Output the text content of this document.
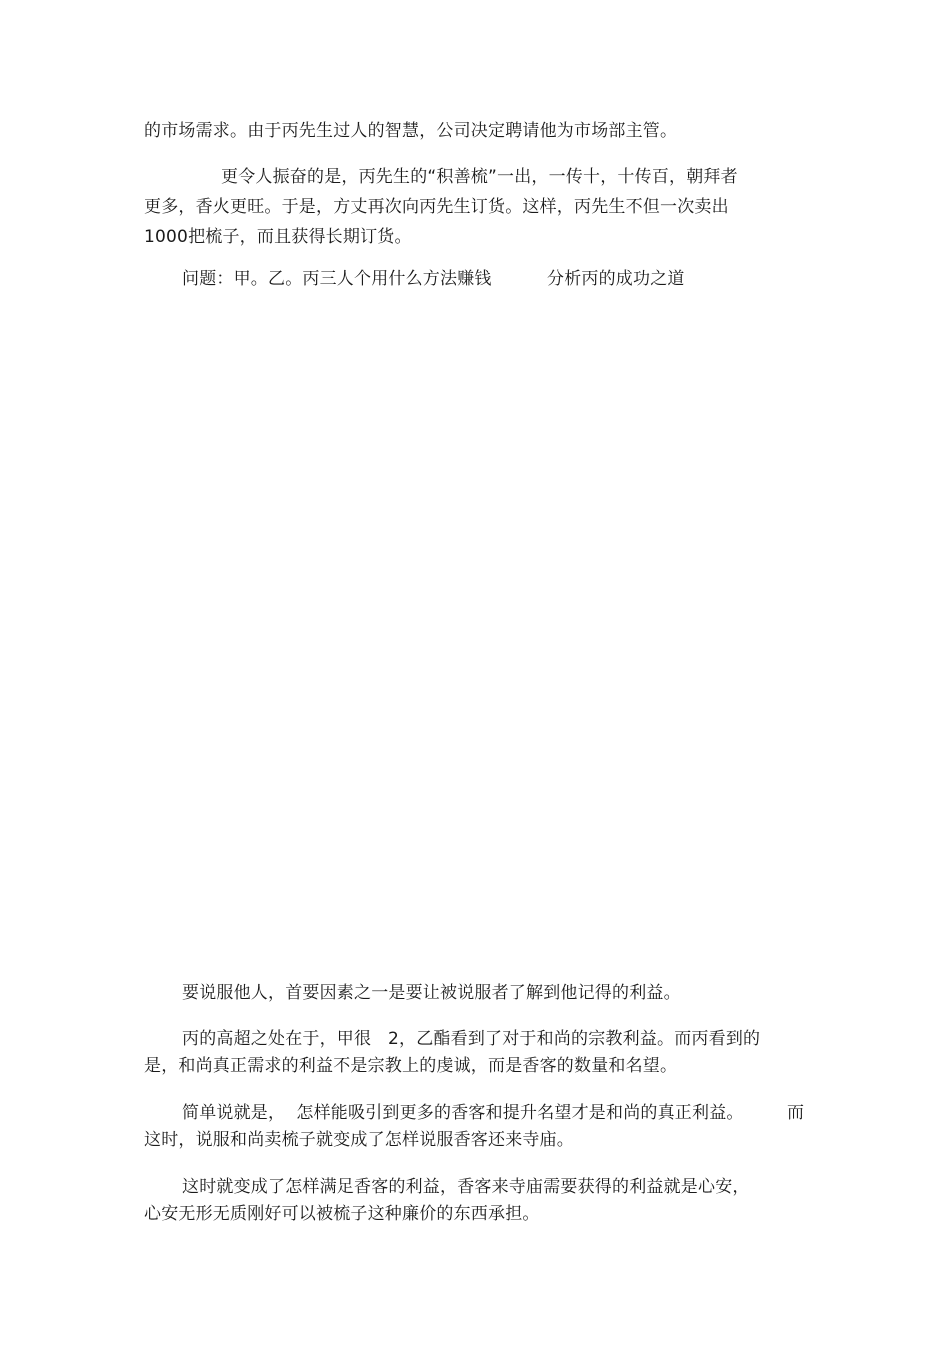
的市场需求。由于丙先生过人的智慧，公司决定聘请他为市场部主管。
更令人振奋的是，丙先生的“积善梳”一出，一传十，十传百，朝拜者
更多，香火更旺。于是，方丈再次向丙先生订货。这样，丙先生不但一次卖出
1000把梳子，而且获得长期订货。
问题：甲。乙。丙三人个用什么方法赚钱	分析丙的成功之道
要说服他人，首要因素之一是要让被说服者了解到他记得的利益。
丙的高超之处在于，甲很   2，乙酯看到了对于和尚的宗教利益。而丙看到的
是，和尚真正需求的利益不是宗教上的虔诚，而是香客的数量和名望。
简单说就是，  怎样能吸引到更多的香客和提升名望才是和尚的真正利益。	而
这时，说服和尚卖梳子就变成了怎样说服香客还来寺庙。
这时就变成了怎样满足香客的利益，香客来寺庙需要获得的利益就是心安，
心安无形无质刚好可以被梳子这种廉价的东西承担。
